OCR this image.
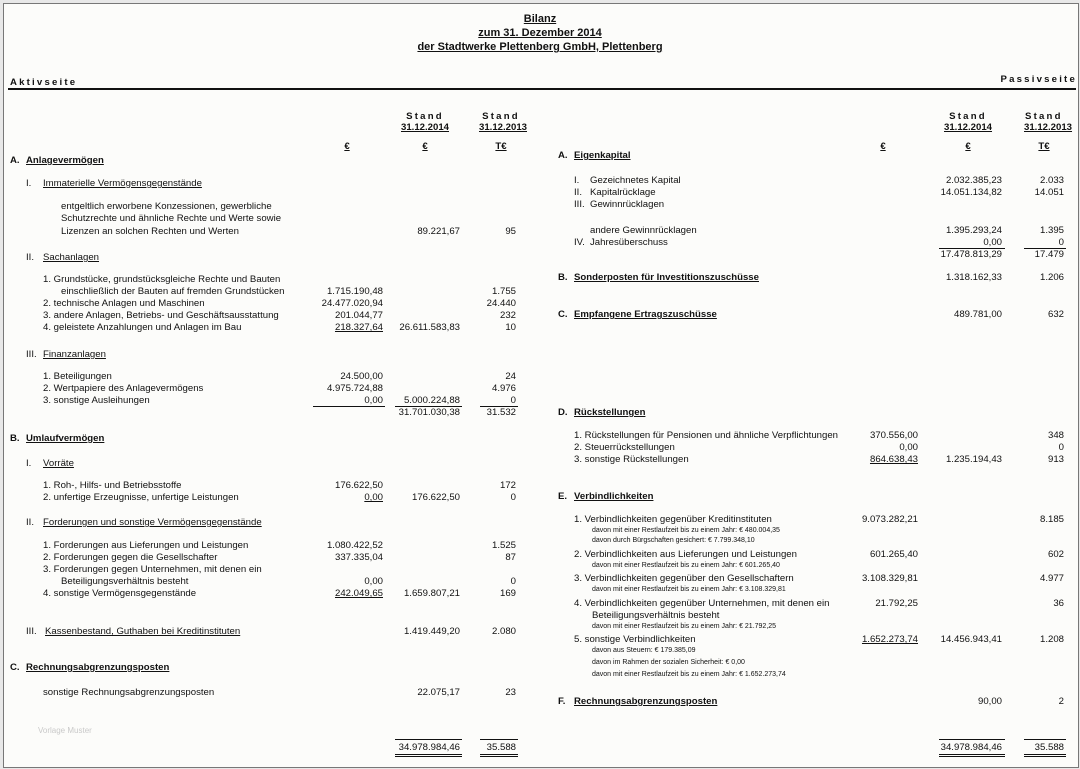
Bilanz
zum 31. Dezember 2014
der Stadtwerke Plettenberg GmbH, Plettenberg
Aktivseite	Passivseite
Stand
31.12.2014
Stand
31.12.2013
€	€	T€
Stand
31.12.2014
Stand
31.12.2013
€	€	T€
A. Anlagevermögen
I. Immaterielle Vermögensgegenstände
entgeltlich erworbene Konzessionen, gewerbliche
Schutzrechte und ähnliche Rechte und Werte sowie
Lizenzen an solchen Rechten und Werten	89.221,67	95
II. Sachanlagen
1. Grundstücke, grundstücksgleiche Rechte und Bauten
einschließlich der Bauten auf fremden Grundstücken	1.715.190,48	1.755
2. technische Anlagen und Maschinen	24.477.020,94	24.440
3. andere Anlagen, Betriebs- und Geschäftsausstattung	201.044,77	232
4. geleistete Anzahlungen und Anlagen im Bau	218.327,64 26.611.583,83	10
III. Finanzanlagen
1. Beteiligungen	24.500,00	24
2. Wertpapiere des Anlagevermögens	4.975.724,88	4.976
3. sonstige Ausleihungen	0,00 5.000.224,88	0
31.701.030,38	31.532
B. Umlaufvermögen
I. Vorräte
1. Roh-, Hilfs- und Betriebsstoffe	176.622,50	172
2. unfertige Erzeugnisse, unfertige Leistungen	0,00	176.622,50	0
II. Forderungen und sonstige Vermögensgegenstände
1. Forderungen aus Lieferungen und Leistungen	1.080.422,52	1.525
2. Forderungen gegen die Gesellschafter	337.335,04	87
3. Forderungen gegen Unternehmen, mit denen ein
Beteiligungsverhältnis besteht	0,00	0
4. sonstige Vermögensgegenstände	242.049,65 1.659.807,21	169
III. Kassenbestand, Guthaben bei Kreditinstituten	1.419.449,20	2.080
C. Rechnungsabgrenzungsposten
sonstige Rechnungsabgrenzungsposten	22.075,17	23
Vorlage Muster
34.978.984,46	35.588
A. Eigenkapital
I. Gezeichnetes Kapital	2.032.385,23	2.033
II. Kapitalrücklage	14.051.134,82	14.051
III. Gewinnrücklagen
andere Gewinnrücklagen	1.395.293,24	1.395
IV. Jahresüberschuss	0,00	0
17.478.813,29	17.479
B. Sonderposten für Investitionszuschüsse	1.318.162,33	1.206
C. Empfangene Ertragszuschüsse	489.781,00	632
D. Rückstellungen
1. Rückstellungen für Pensionen und ähnliche Verpflichtungen	370.556,00	348
2. Steuerrückstellungen	0,00	0
3. sonstige Rückstellungen	864.638,43	1.235.194,43	913
E. Verbindlichkeiten
1. Verbindlichkeiten gegenüber Kreditinstituten	9.073.282,21	8.185
davon mit einer Restlaufzeit bis zu einem Jahr: € 480.004,35
davon durch Bürgschaften gesichert: € 7.799.348,10
2. Verbindlichkeiten aus Lieferungen und Leistungen	601.265,40	602
davon mit einer Restlaufzeit bis zu einem Jahr: € 601.265,40
3. Verbindlichkeiten gegenüber den Gesellschaftern	3.108.329,81	4.977
davon mit einer Restlaufzeit bis zu einem Jahr: € 3.108.329,81
4. Verbindlichkeiten gegenüber Unternehmen, mit denen ein	21.792,25	36
Beteiligungsverhältnis besteht
davon mit einer Restlaufzeit bis zu einem Jahr: € 21.792,25
5. sonstige Verbindlichkeiten	1.652.273,74 14.456.943,41	1.208
davon aus Steuern: € 179.385,09
davon im Rahmen der sozialen Sicherheit: € 0,00
davon mit einer Restlaufzeit bis zu einem Jahr: € 1.652.273,74
F. Rechnungsabgrenzungsposten	90,00	2
34.978.984,46	35.588
